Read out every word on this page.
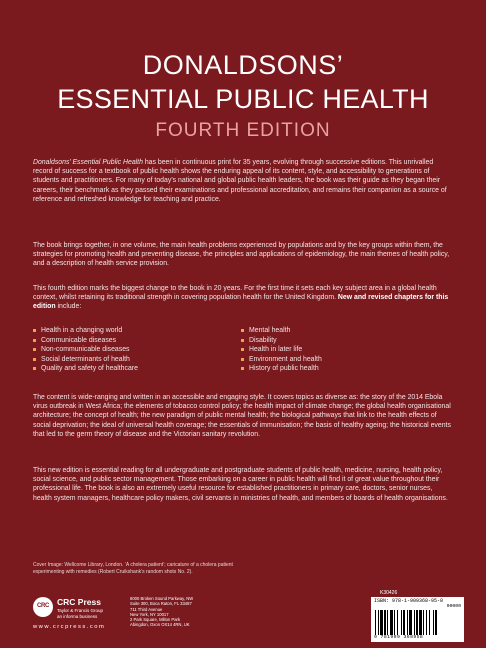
DONALDSONS’
ESSENTIAL PUBLIC HEALTH
FOURTH EDITION

Donaldsons’ Essential Public Health has been in continuous print for 35 years, evolving through successive editions. This unrivalled record of success for a textbook of public health shows the enduring appeal of its content, style, and accessibility to generations of students and practitioners. For many of today’s national and global public health leaders, the book was their guide as they began their careers, their benchmark as they passed their examinations and professional accreditation, and remains their companion as a source of reference and refreshed knowledge for teaching and practice.

The book brings together, in one volume, the main health problems experienced by populations and by the key groups within them, the strategies for promoting health and preventing disease, the principles and applications of epidemiology, the main themes of health policy, and a description of health service provision.

This fourth edition marks the biggest change to the book in 20 years. For the first time it sets each key subject area in a global health context, whilst retaining its traditional strength in covering population health for the United Kingdom. New and revised chapters for this edition include:

Health in a changing world
Communicable diseases
Non-communicable diseases
Social determinants of health
Quality and safety of healthcare
Mental health
Disability
Health in later life
Environment and health
History of public health

The content is wide-ranging and written in an accessible and engaging style. It covers topics as diverse as: the story of the 2014 Ebola virus outbreak in West Africa; the elements of tobacco control policy; the health impact of climate change; the global health organisational architecture; the concept of health; the new paradigm of public mental health; the biological pathways that link to the health effects of social deprivation; the ideal of universal health coverage; the essentials of immunisation; the basis of healthy ageing; the historical events that led to the germ theory of disease and the Victorian sanitary revolution.

This new edition is essential reading for all undergraduate and postgraduate students of public health, medicine, nursing, health policy, social science, and public sector management. Those embarking on a career in public health will find it of great value throughout their professional life. The book is also an extremely useful resource for established practitioners in primary care, doctors, senior nurses, health system managers, healthcare policy makers, civil servants in ministries of health, and members of boards of health organisations.

Cover Image: Wellcome Library, London. ‘A cholera patient’; caricature of a cholera patient experimenting with remedies (Robert Cruikshank’s random shots No. 2).
CRC CRC Press
Taylor & Francis Group
an informa business
www.crcpress.com
6000 Broken Sound Parkway, NW
Suite 300, Boca Raton, FL 33487
711 Third Avenue
New York, NY 10017
2 Park Square, Milton Park
Abingdon, Oxon OX14 4RN, UK
K30426
ISBN: 978-1-909368-95-8
90000
9 781909 368958
